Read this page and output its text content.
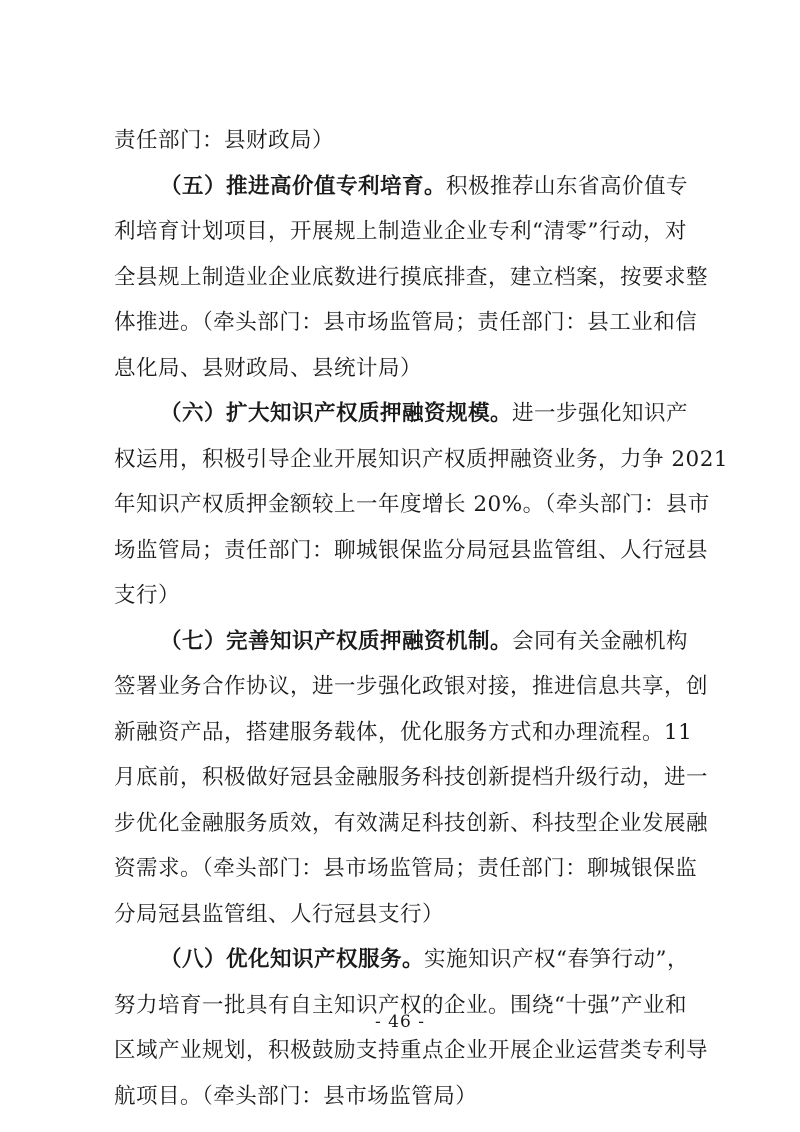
责任部门：县财政局）
（五）推进高价值专利培育。积极推荐山东省高价值专
利培育计划项目，开展规上制造业企业专利“清零”行动，对
全县规上制造业企业底数进行摸底排查，建立档案，按要求整
体推进。（牵头部门：县市场监管局；责任部门：县工业和信
息化局、县财政局、县统计局）
（六）扩大知识产权质押融资规模。进一步强化知识产
权运用，积极引导企业开展知识产权质押融资业务，力争 2021
年知识产权质押金额较上一年度增长 20%。（牵头部门：县市
场监管局；责任部门：聊城银保监分局冠县监管组、人行冠县
支行）
（七）完善知识产权质押融资机制。会同有关金融机构
签署业务合作协议，进一步强化政银对接，推进信息共享，创
新融资产品，搭建服务载体，优化服务方式和办理流程。11
月底前，积极做好冠县金融服务科技创新提档升级行动，进一
步优化金融服务质效，有效满足科技创新、科技型企业发展融
资需求。（牵头部门：县市场监管局；责任部门：聊城银保监
分局冠县监管组、人行冠县支行）
（八）优化知识产权服务。实施知识产权“春笋行动”，
努力培育一批具有自主知识产权的企业。围绕“十强”产业和
区域产业规划，积极鼓励支持重点企业开展企业运营类专利导
航项目。（牵头部门：县市场监管局）
- 46 -
